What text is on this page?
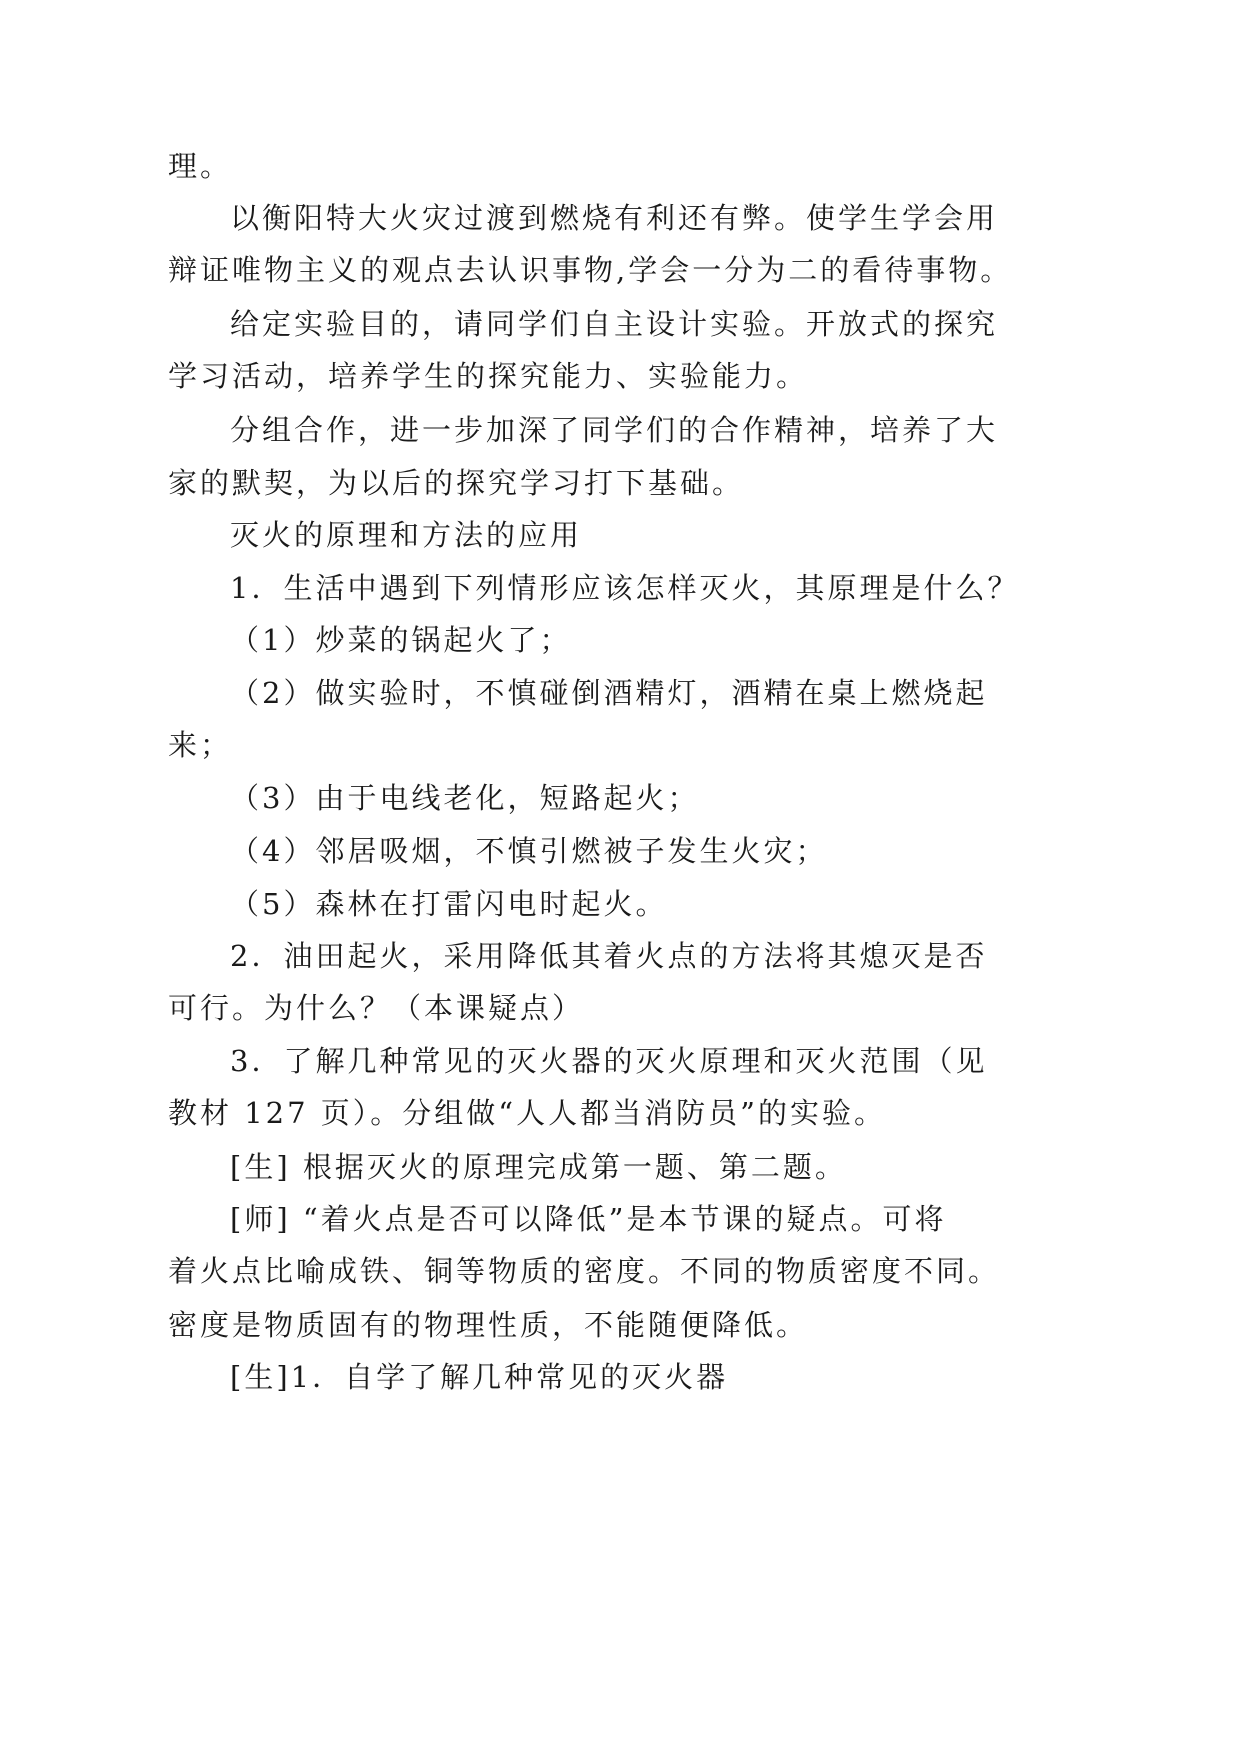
理。

以衡阳特大火灾过渡到燃烧有利还有弊。使学生学会用

辩证唯物主义的观点去认识事物,学会一分为二的看待事物。

给定实验目的，请同学们自主设计实验。开放式的探究

学习活动，培养学生的探究能力、实验能力。

分组合作，进一步加深了同学们的合作精神，培养了大

家的默契，为以后的探究学习打下基础。

灭火的原理和方法的应用

1．生活中遇到下列情形应该怎样灭火，其原理是什么？

（1）炒菜的锅起火了；

（2）做实验时，不慎碰倒酒精灯，酒精在桌上燃烧起

来；

（3）由于电线老化，短路起火；

（4）邻居吸烟，不慎引燃被子发生火灾；

（5）森林在打雷闪电时起火。

2．油田起火，采用降低其着火点的方法将其熄灭是否

可行。为什么？（本课疑点）

3．了解几种常见的灭火器的灭火原理和灭火范围（见

教材 127 页）。分组做“人人都当消防员”的实验。

[生] 根据灭火的原理完成第一题、第二题。

[师] “着火点是否可以降低”是本节课的疑点。可将

着火点比喻成铁、铜等物质的密度。不同的物质密度不同。

密度是物质固有的物理性质，不能随便降低。

[生]1．自学了解几种常见的灭火器
